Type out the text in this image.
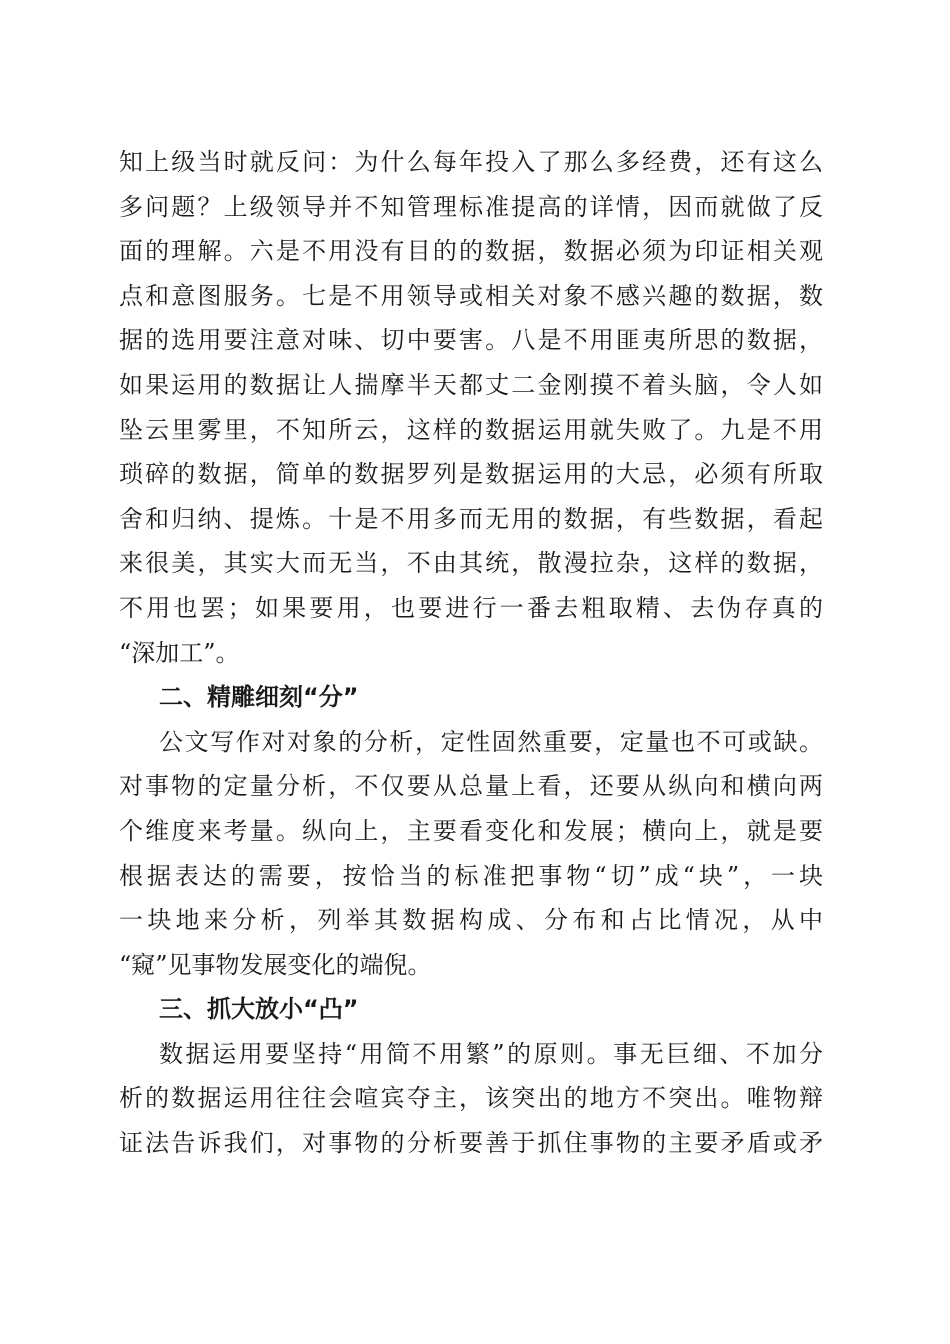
知上级当时就反问：为什么每年投入了那么多经费，还有这么
多问题？上级领导并不知管理标准提高的详情，因而就做了反
面的理解。六是不用没有目的的数据，数据必须为印证相关观
点和意图服务。七是不用领导或相关对象不感兴趣的数据，数
据的选用要注意对味、切中要害。八是不用匪夷所思的数据，
如果运用的数据让人揣摩半天都丈二金刚摸不着头脑，令人如
坠云里雾里，不知所云，这样的数据运用就失败了。九是不用
琐碎的数据，简单的数据罗列是数据运用的大忌，必须有所取
舍和归纳、提炼。十是不用多而无用的数据，有些数据，看起
来很美，其实大而无当，不由其统，散漫拉杂，这样的数据，
不用也罢；如果要用，也要进行一番去粗取精、去伪存真的
“深加工”。
二、精雕细刻“分”
公文写作对对象的分析，定性固然重要，定量也不可或缺。
对事物的定量分析，不仅要从总量上看，还要从纵向和横向两
个维度来考量。纵向上，主要看变化和发展；横向上，就是要
根据表达的需要，按恰当的标准把事物“切”成“块”，一块
一块地来分析，列举其数据构成、分布和占比情况，从中
“窥”见事物发展变化的端倪。
三、抓大放小“凸”
数据运用要坚持“用简不用繁”的原则。事无巨细、不加分
析的数据运用往往会喧宾夺主，该突出的地方不突出。唯物辩
证法告诉我们，对事物的分析要善于抓住事物的主要矛盾或矛
